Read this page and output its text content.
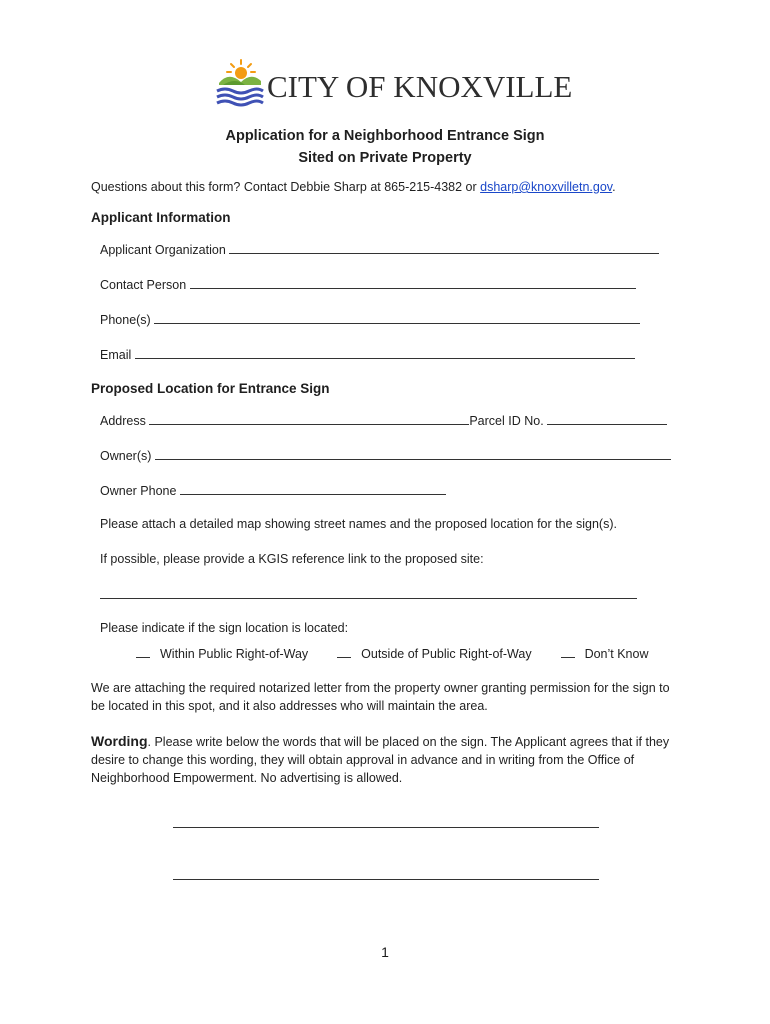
CITY OF KNOXVILLE
Application for a Neighborhood Entrance Sign
Sited on Private Property
Questions about this form? Contact Debbie Sharp at 865-215-4382 or dsharp@knoxvilletn.gov.
Applicant Information
Applicant Organization
Contact Person
Phone(s)
Email
Proposed Location for Entrance Sign
Address	Parcel ID No.
Owner(s)
Owner Phone
Please attach a detailed map showing street names and the proposed location for the sign(s).
If possible, please provide a KGIS reference link to the proposed site:
Please indicate if the sign location is located:
Within Public Right-of-Way	Outside of Public Right-of-Way	Don’t Know
We are attaching the required notarized letter from the property owner granting permission for the sign to be located in this spot, and it also addresses who will maintain the area.
Wording. Please write below the words that will be placed on the sign. The Applicant agrees that if they desire to change this wording, they will obtain approval in advance and in writing from the Office of Neighborhood Empowerment. No advertising is allowed.
1
